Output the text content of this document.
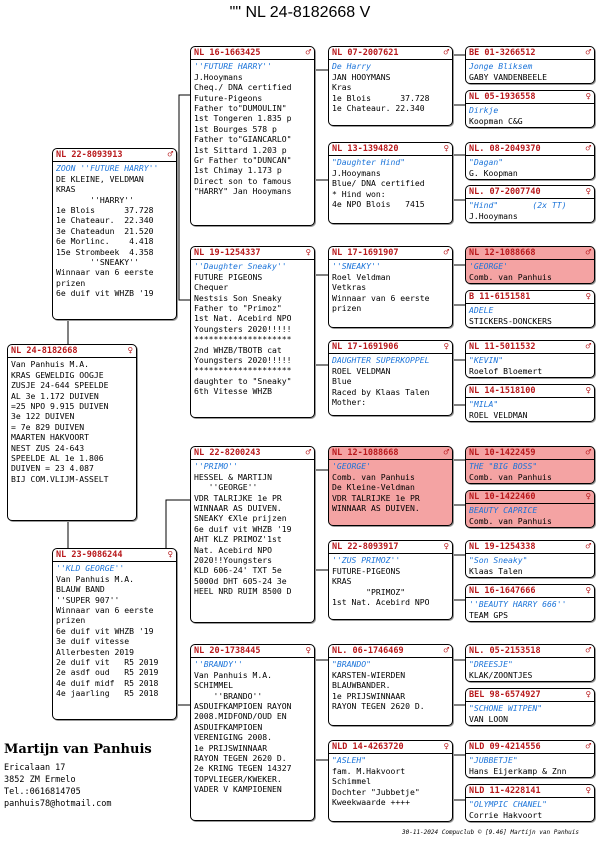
"" NL 24-8182668 V
NL 24-8182668	♀
Van Panhuis M.A.
KRAS GEWELDIG OOGJE
ZUSJE 24-644 SPEELDE
AL 3e 1.172 DUIVEN
=25 NPO 9.915 DUIVEN
3e 122 DUIVEN
= 7e 829 DUIVEN
MAARTEN HAKVOORT
NEST ZUS 24-643
SPEELDE AL 1e 1.806
DUIVEN = 23 4.087
BIJ COM.VLIJM-ASSELT
NL 22-8093913	♂
ZOON ''FUTURE HARRY''
DE KLEINE, VELDMAN
KRAS
''HARRY''
1e Blois      37.728
1e Chateaur.  22.340
3e Chateadun  21.520
6e Morlinc.    4.418
15e Strombeek  4.358
''SNEAKY''
Winnaar van 6 eerste
prizen
6e duif vit WHZB '19
NL 23-9086244	♀
''KLD GEORGE''
Van Panhuis M.A.
BLAUW BAND
''SUPER 907''
Winnaar van 6 eerste
prizen
6e duif vit WHZB '19
3e duif vitesse
Allerbesten 2019
2e duif vit   R5 2019
2e asdf oud   R5 2019
4e duif midf  R5 2018
4e jaarling   R5 2018
NL 16-1663425	♂
''FUTURE HARRY''
J.Hooymans
Cheq./ DNA certified
Future-Pigeons
Father to"DUMOULIN"
1st Tongeren 1.835 p
1st Bourges 578 p
Father to"GIANCARLO"
1st Sittard 1.203 p
Gr Father to"DUNCAN"
1st Chimay 1.173 p
Direct son to famous
"HARRY" Jan Hooymans
NL 19-1254337	♀
''Daughter Sneaky''
FUTURE PIGEONS
Chequer
Nestsis Son Sneaky
Father to "Primoz"
1st Nat. Acebird NPO
Youngsters 2020!!!!!
********************
2nd WHZB/TBOTB cat
Youngsters 2020!!!!!
********************
daughter to "Sneaky"
6th Vitesse WHZB
NL 22-8200243	♂
''PRIMO''
HESSEL & MARTIJN
''GEORGE''
VDR TALRIJKE 1e PR
WINNAAR AS DUIVEN.
SNEAKY €Xle prijzen
6e duif vit WHZB '19
AHT KLZ PRIMOZ'1st
Nat. Acebird NPO
2020!!Youngsters
KLD 606-24' TXT 5e
5000d DHT 605-24 3e
HEEL NRD RUIM 8500 D
NL 20-1738445	♀
''BRANDY''
Van Panhuis M.A.
SCHIMMEL
''BRANDO''
ASDUIFKAMPIOEN RAYON
2008.MIDFOND/OUD EN
ASDUIFKAMPIOEN
VERENIGING 2008.
1e PRIJSWINNAAR
RAYON TEGEN 2620 D.
2e KRING TEGEN 14327
TOPVLIEGER/KWEKER.
VADER V KAMPIOENEN
NL 07-2007621	♂
De Harry
JAN HOOYMANS
Kras
1e Blois      37.728
1e Chateaur. 22.340
NL 13-1394820	♀
"Daughter Hind"
J.Hooymans
Blue/ DNA certified
* Hind won:
4e NPO Blois   7415
NL 17-1691907	♂
''SNEAKY''
Roel Veldman
Vetkras
Winnaar van 6 eerste
prizen
NL 17-1691906	♀
DAUGHTER SUPERKOPPEL
ROEL VELDMAN
Blue
Raced by Klaas Talen
Mother:
NL 12-1088668	♂
'GEORGE'
Comb. van Panhuis
De Kleine-Veldman
VDR TALRIJKE 1e PR
WINNAAR AS DUIVEN.
NL 22-8093917	♀
''ZUS PRIMOZ''
FUTURE-PIGEONS
KRAS
"PRIMOZ"
1st Nat. Acebird NPO
NL. 06-1746469	♂
"BRANDO"
KARSTEN-WIERDEN
BLAUWBANDER.
1e PRIJSWINNAAR
RAYON TEGEN 2620 D.
NLD 14-4263720	♀
"ASLEH"
fam. M.Hakvoort
Schimmel
Dochter "Jubbetje"
Kweekwaarde ++++
BE 01-3266512	♂
Jonge Bliksem
GABY VANDENBEELE
NL 05-1936558	♀
Dirkje
Koopman C&G
NL. 08-2049370	♂
"Dagan"
G. Koopman
NL. 07-2007740	♀
"Hind"       (2x TT)
J.Hooymans
NL 12-1088668	♂
'GEORGE'
Comb. van Panhuis
B 11-6151581	♀
ADELE
STICKERS-DONCKERS
NL 11-5011532	♂
"KEVIN"
Roelof Bloemert
NL 14-1518100	♀
"MILA"
ROEL VELDMAN
NL 10-1422459	♂
THE "BIG BOSS"
Comb. van Panhuis
NL 10-1422460	♀
BEAUTY CAPRICE
Comb. van Panhuis
NL 19-1254338	♂
"Son Sneaky"
Klaas Talen
NL 16-1647666	♀
''BEAUTY HARRY 666''
TEAM GPS
NL. 05-2153518	♂
"DREESJE"
KLAK/ZOONTJES
BEL 98-6574927	♀
"SCHONE WITPEN"
VAN LOON
NLD 09-4214556	♂
"JUBBETJE"
Hans Eijerkamp & Znn
NLD 11-4228141	♀
"OLYMPIC CHANEL"
Corrie Hakvoort
Martijn van Panhuis
Ericalaan 17
3852 ZM Ermelo
Tel.:0616814705
panhuis78@hotmail.com
30-11-2024 Compuclub © [9.46] Martijn van Panhuis
